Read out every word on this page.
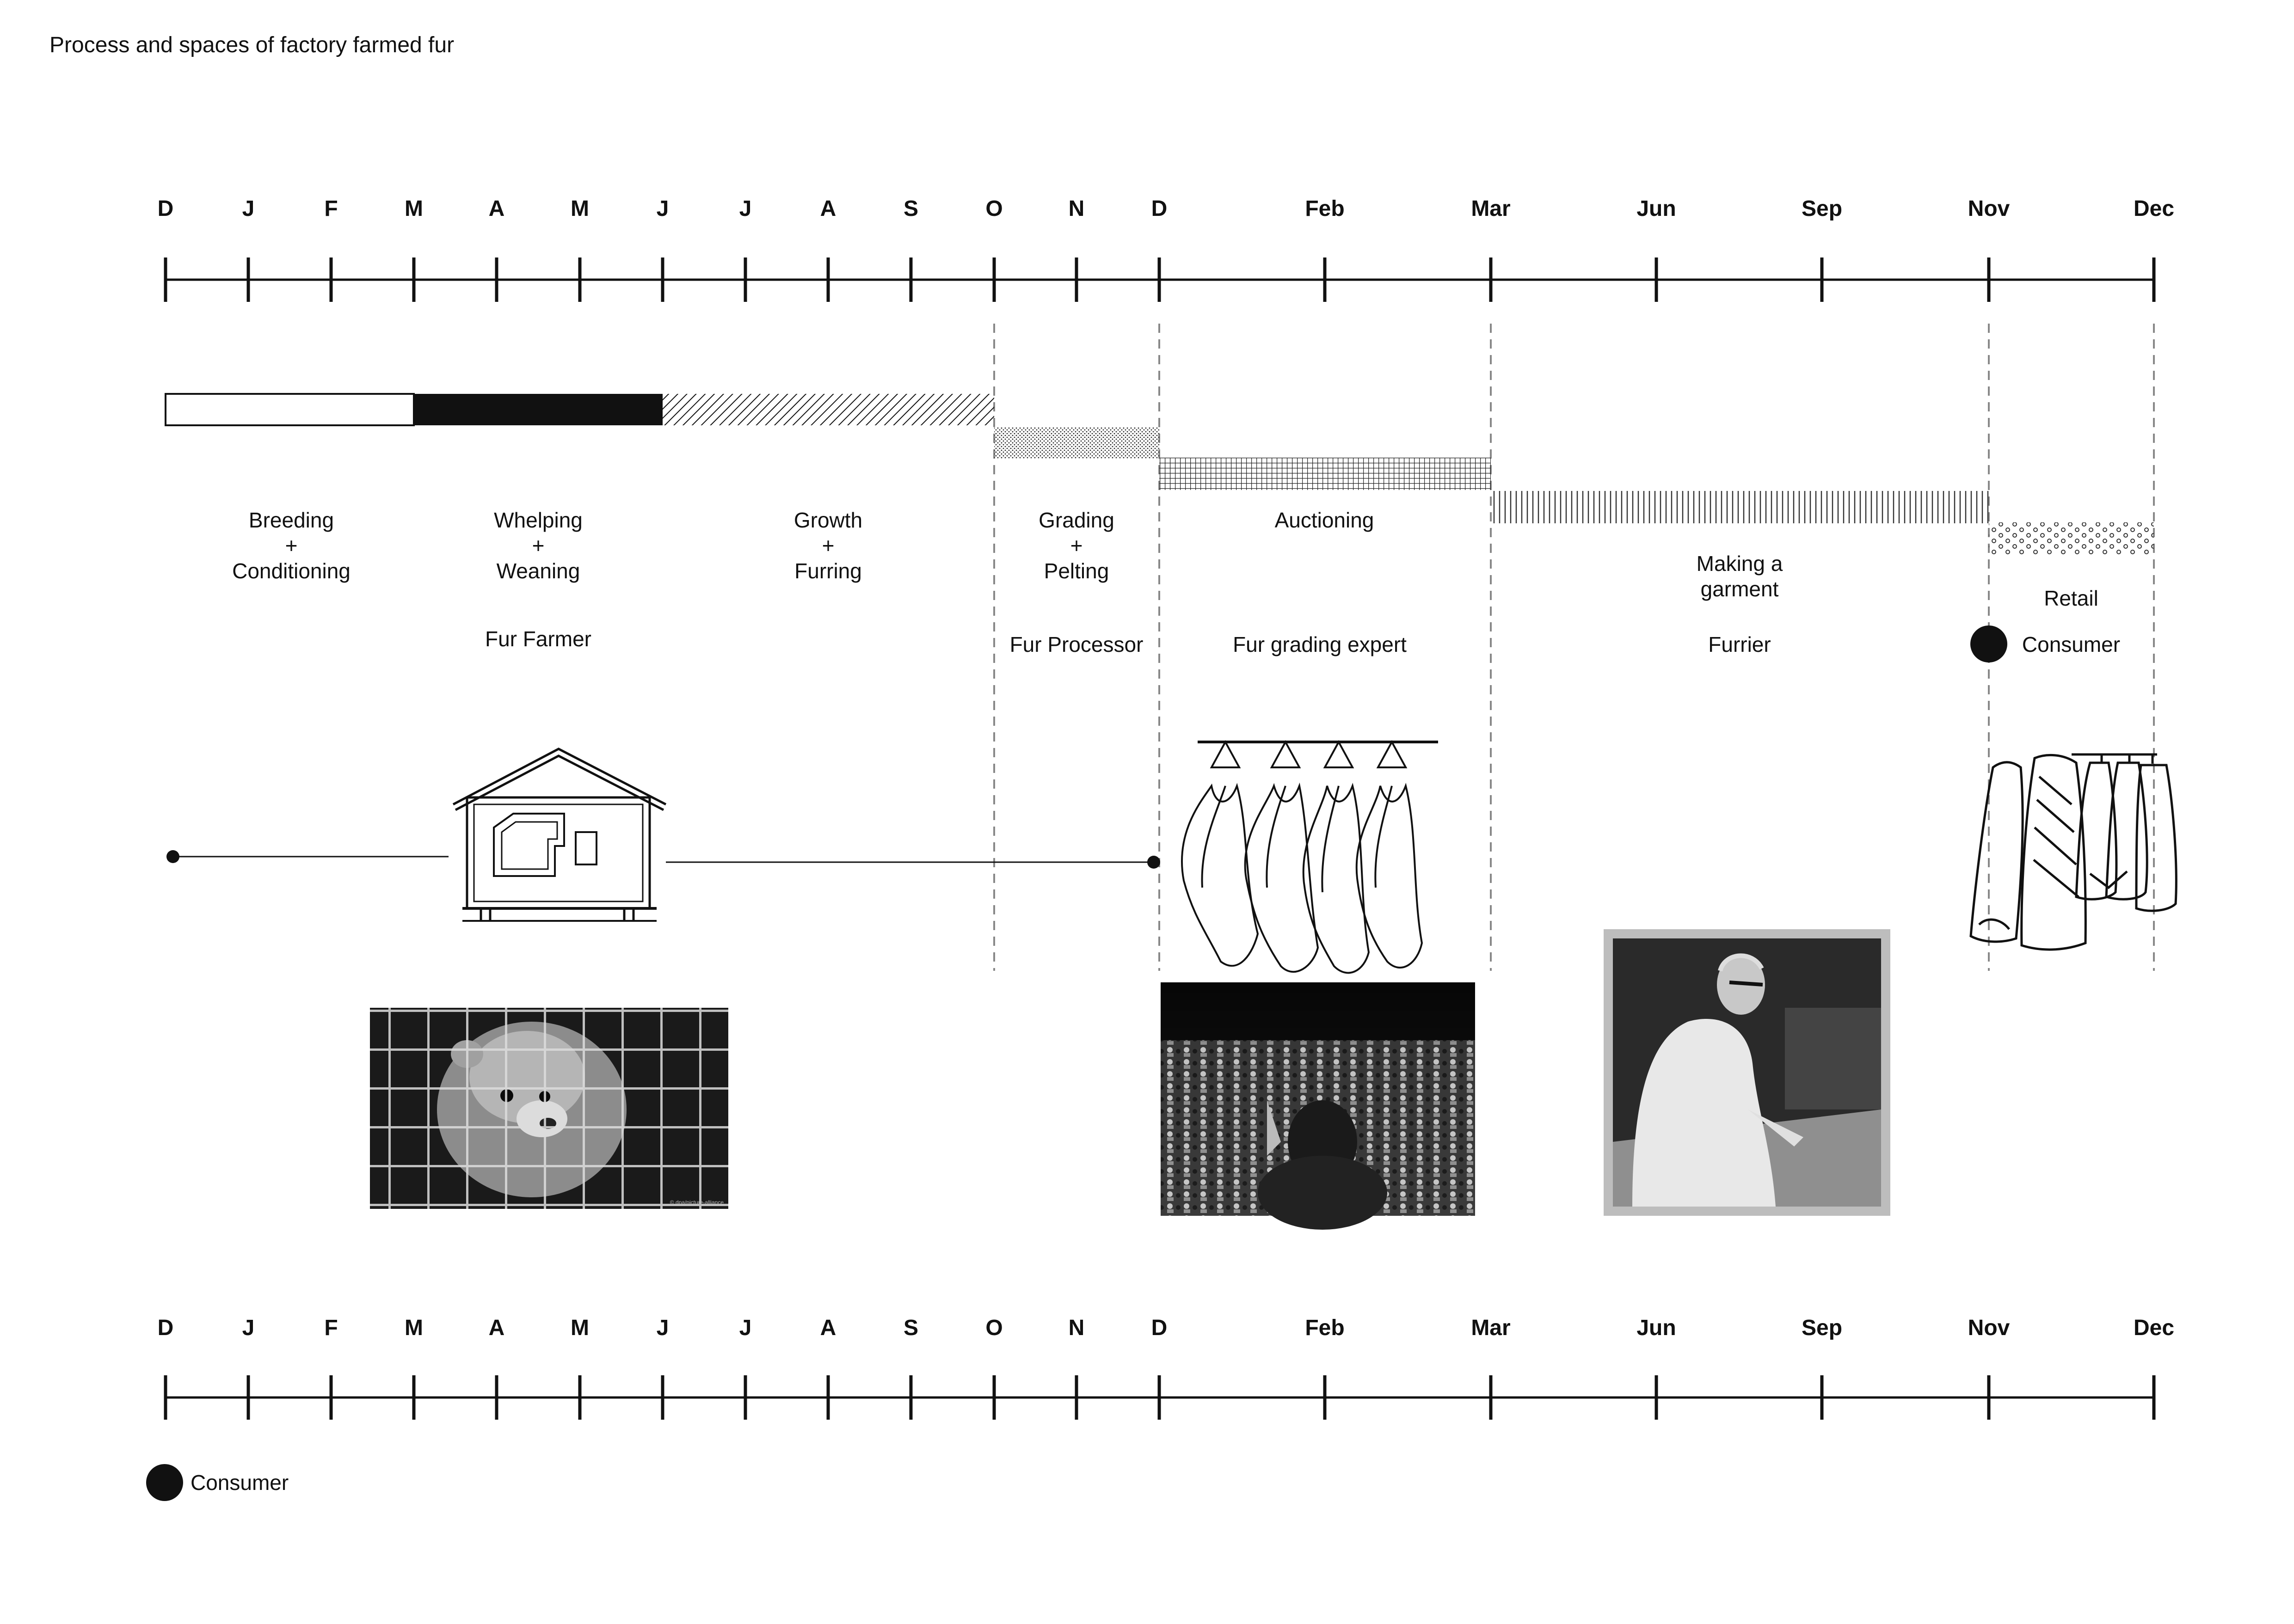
Process and spaces of factory farmed fur
D	J	F	M	A	M	J	J	A	S	O	N	D	Feb	Mar	Jun	Sep	Nov	Dec
D	J	F	M	A	M	J	J	A	S	O	N	D	Feb	Mar	Jun	Sep	Nov	Dec
Breeding
+
Conditioning
Whelping
+
Weaning
Growth
+
Furring
Grading
+
Pelting
Auctioning
Making a
garment	Retail
Fur Farmer	Fur Processor	Fur grading expert	Furrier	Consumer
© dpa/picture-alliance
Consumer
